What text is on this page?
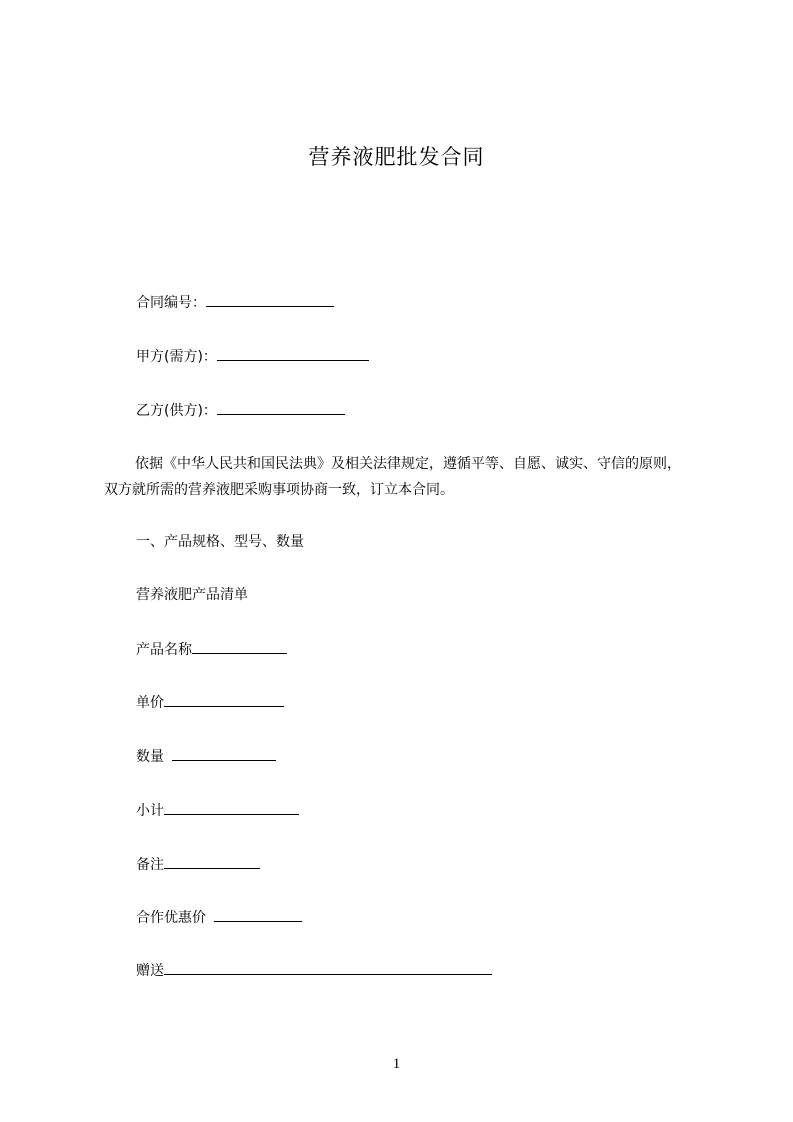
营养液肥批发合同
合同编号：
甲方(需方)：
乙方(供方)：
依据《中华人民共和国民法典》及相关法律规定，遵循平等、自愿、诚实、守信的原则，双方就所需的营养液肥采购事项协商一致，订立本合同。
一、产品规格、型号、数量
营养液肥产品清单
产品名称
单价
数量
小计
备注
合作优惠价
赠送
1
